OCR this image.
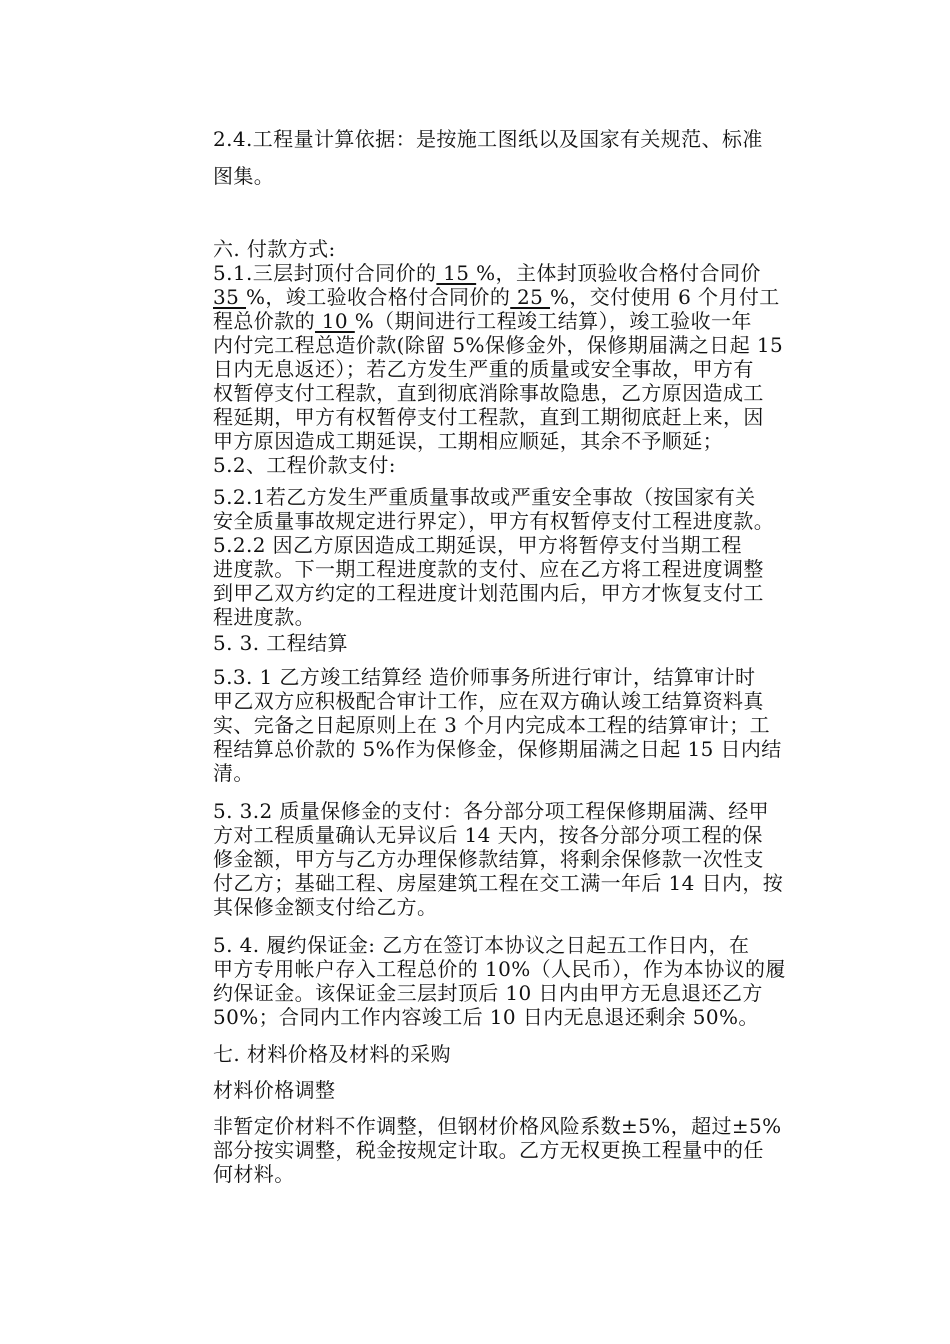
2.4.工程量计算依据：是按施工图纸以及国家有关规范、标准
图集。
六. 付款方式:
5.1.三层封顶付合同价的 15 %，主体封顶验收合格付合同价
35 %，竣工验收合格付合同价的 25 %，交付使用 6 个月付工
程总价款的 10 %（期间进行工程竣工结算），竣工验收一年
内付完工程总造价款(除留 5%保修金外，保修期届满之日起 15
日内无息返还）；若乙方发生严重的质量或安全事故，甲方有
权暂停支付工程款，直到彻底消除事故隐患，乙方原因造成工
程延期，甲方有权暂停支付工程款，直到工期彻底赶上来，因
甲方原因造成工期延误，工期相应顺延，其余不予顺延；
5.2、工程价款支付:
5.2.1若乙方发生严重质量事故或严重安全事故（按国家有关
安全质量事故规定进行界定），甲方有权暂停支付工程进度款。
5.2.2 因乙方原因造成工期延误，甲方将暂停支付当期工程
进度款。下一期工程进度款的支付、应在乙方将工程进度调整
到甲乙双方约定的工程进度计划范围内后，甲方才恢复支付工
程进度款。
5. 3. 工程结算
5.3. 1 乙方竣工结算经 造价师事务所进行审计，结算审计时
甲乙双方应积极配合审计工作，应在双方确认竣工结算资料真
实、完备之日起原则上在 3 个月内完成本工程的结算审计；工
程结算总价款的 5%作为保修金，保修期届满之日起 15 日内结
清。
5. 3.2 质量保修金的支付：各分部分项工程保修期届满、经甲
方对工程质量确认无异议后 14 天内，按各分部分项工程的保
修金额，甲方与乙方办理保修款结算，将剩余保修款一次性支
付乙方；基础工程、房屋建筑工程在交工满一年后 14 日内，按
其保修金额支付给乙方。
5. 4. 履约保证金: 乙方在签订本协议之日起五工作日内，在
甲方专用帐户存入工程总价的 10%（人民币），作为本协议的履
约保证金。该保证金三层封顶后 10 日内由甲方无息退还乙方
50%；合同内工作内容竣工后 10 日内无息退还剩余 50%。
七. 材料价格及材料的采购
材料价格调整
非暂定价材料不作调整，但钢材价格风险系数±5%，超过±5%
部分按实调整，税金按规定计取。乙方无权更换工程量中的任
何材料。
